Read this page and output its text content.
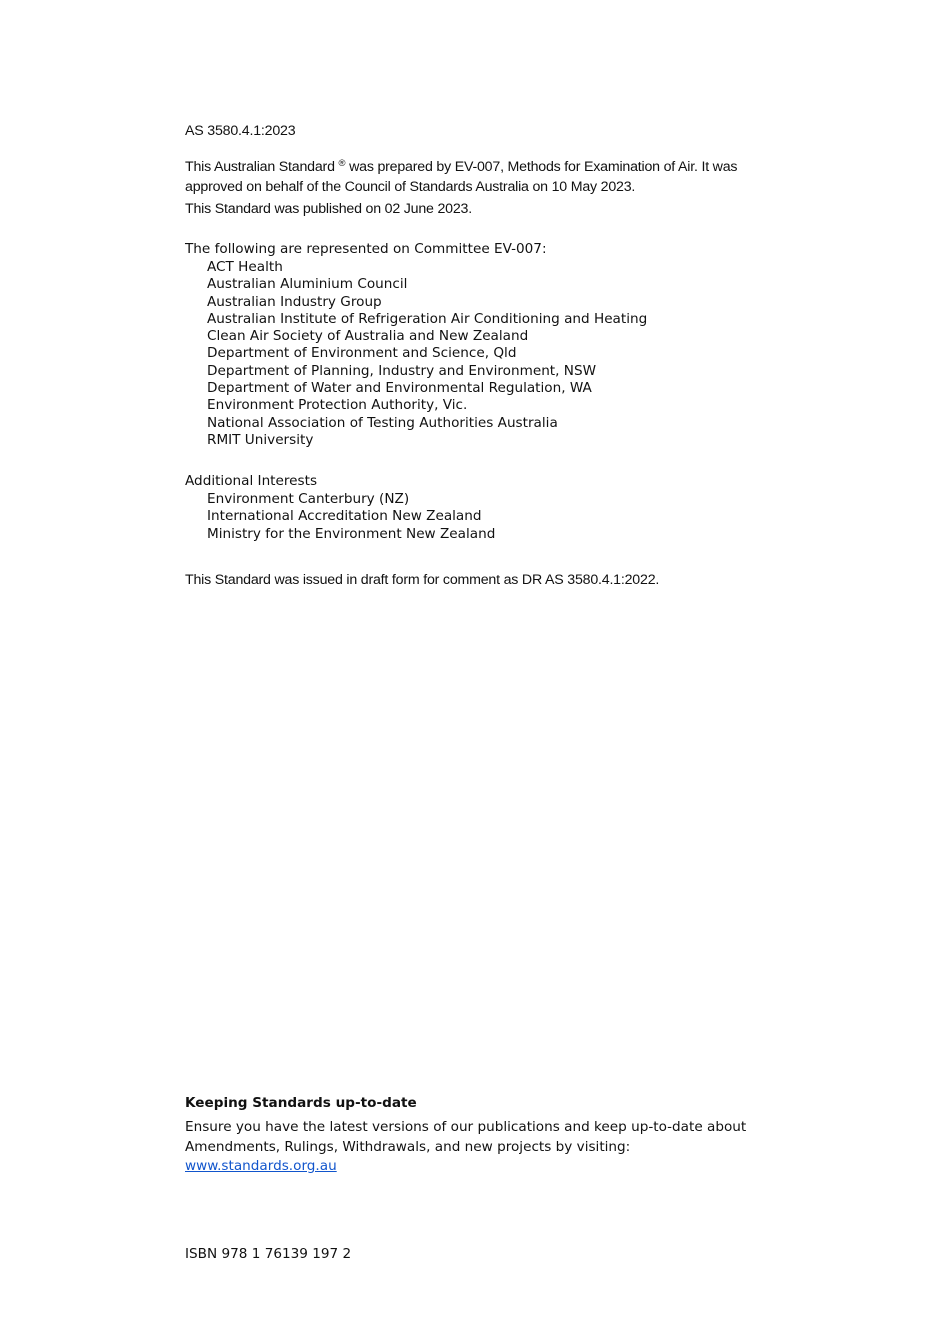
AS 3580.4.1:2023
This Australian Standard ® was prepared by EV-007, Methods for Examination of Air. It was
approved on behalf of the Council of Standards Australia on 10 May 2023.
This Standard was published on 02 June 2023.
The following are represented on Committee EV-007:
ACT Health
Australian Aluminium Council
Australian Industry Group
Australian Institute of Refrigeration Air Conditioning and Heating
Clean Air Society of Australia and New Zealand
Department of Environment and Science, Qld
Department of Planning, Industry and Environment, NSW
Department of Water and Environmental Regulation, WA
Environment Protection Authority, Vic.
National Association of Testing Authorities Australia
RMIT University
Additional Interests
Environment Canterbury (NZ)
International Accreditation New Zealand
Ministry for the Environment New Zealand
This Standard was issued in draft form for comment as DR AS 3580.4.1:2022.
Keeping Standards up-to-date
Ensure you have the latest versions of our publications and keep up-to-date about
Amendments, Rulings, Withdrawals, and new projects by visiting:
www.standards.org.au
ISBN 978 1 76139 197 2
